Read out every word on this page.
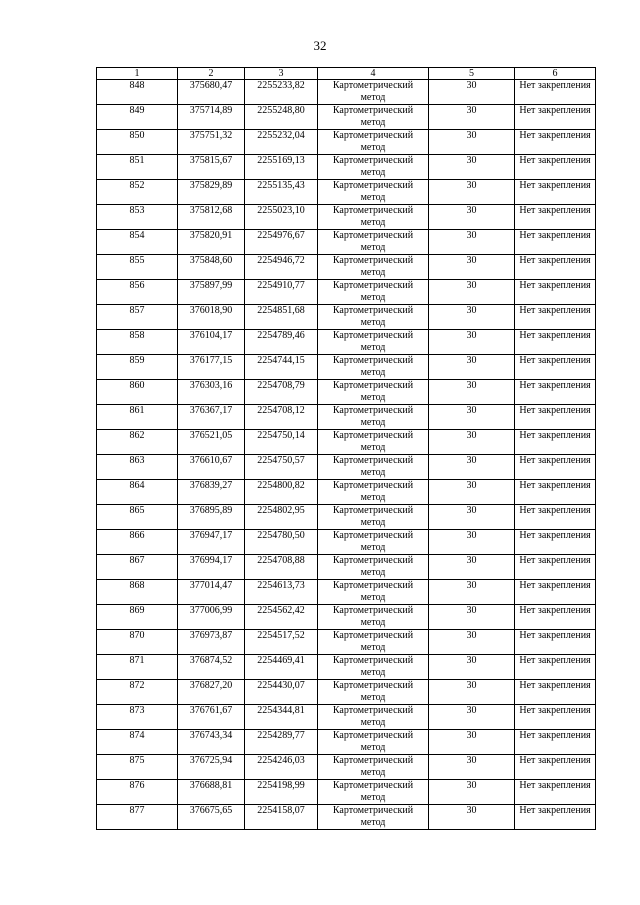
32
1	2	3	4	5	6
848	375680,47	2255233,82	Картометрический метод	30	Нет закрепления
849	375714,89	2255248,80	Картометрический метод	30	Нет закрепления
850	375751,32	2255232,04	Картометрический метод	30	Нет закрепления
851	375815,67	2255169,13	Картометрический метод	30	Нет закрепления
852	375829,89	2255135,43	Картометрический метод	30	Нет закрепления
853	375812,68	2255023,10	Картометрический метод	30	Нет закрепления
854	375820,91	2254976,67	Картометрический метод	30	Нет закрепления
855	375848,60	2254946,72	Картометрический метод	30	Нет закрепления
856	375897,99	2254910,77	Картометрический метод	30	Нет закрепления
857	376018,90	2254851,68	Картометрический метод	30	Нет закрепления
858	376104,17	2254789,46	Картометрический метод	30	Нет закрепления
859	376177,15	2254744,15	Картометрический метод	30	Нет закрепления
860	376303,16	2254708,79	Картометрический метод	30	Нет закрепления
861	376367,17	2254708,12	Картометрический метод	30	Нет закрепления
862	376521,05	2254750,14	Картометрический метод	30	Нет закрепления
863	376610,67	2254750,57	Картометрический метод	30	Нет закрепления
864	376839,27	2254800,82	Картометрический метод	30	Нет закрепления
865	376895,89	2254802,95	Картометрический метод	30	Нет закрепления
866	376947,17	2254780,50	Картометрический метод	30	Нет закрепления
867	376994,17	2254708,88	Картометрический метод	30	Нет закрепления
868	377014,47	2254613,73	Картометрический метод	30	Нет закрепления
869	377006,99	2254562,42	Картометрический метод	30	Нет закрепления
870	376973,87	2254517,52	Картометрический метод	30	Нет закрепления
871	376874,52	2254469,41	Картометрический метод	30	Нет закрепления
872	376827,20	2254430,07	Картометрический метод	30	Нет закрепления
873	376761,67	2254344,81	Картометрический метод	30	Нет закрепления
874	376743,34	2254289,77	Картометрический метод	30	Нет закрепления
875	376725,94	2254246,03	Картометрический метод	30	Нет закрепления
876	376688,81	2254198,99	Картометрический метод	30	Нет закрепления
877	376675,65	2254158,07	Картометрический метод	30	Нет закрепления
